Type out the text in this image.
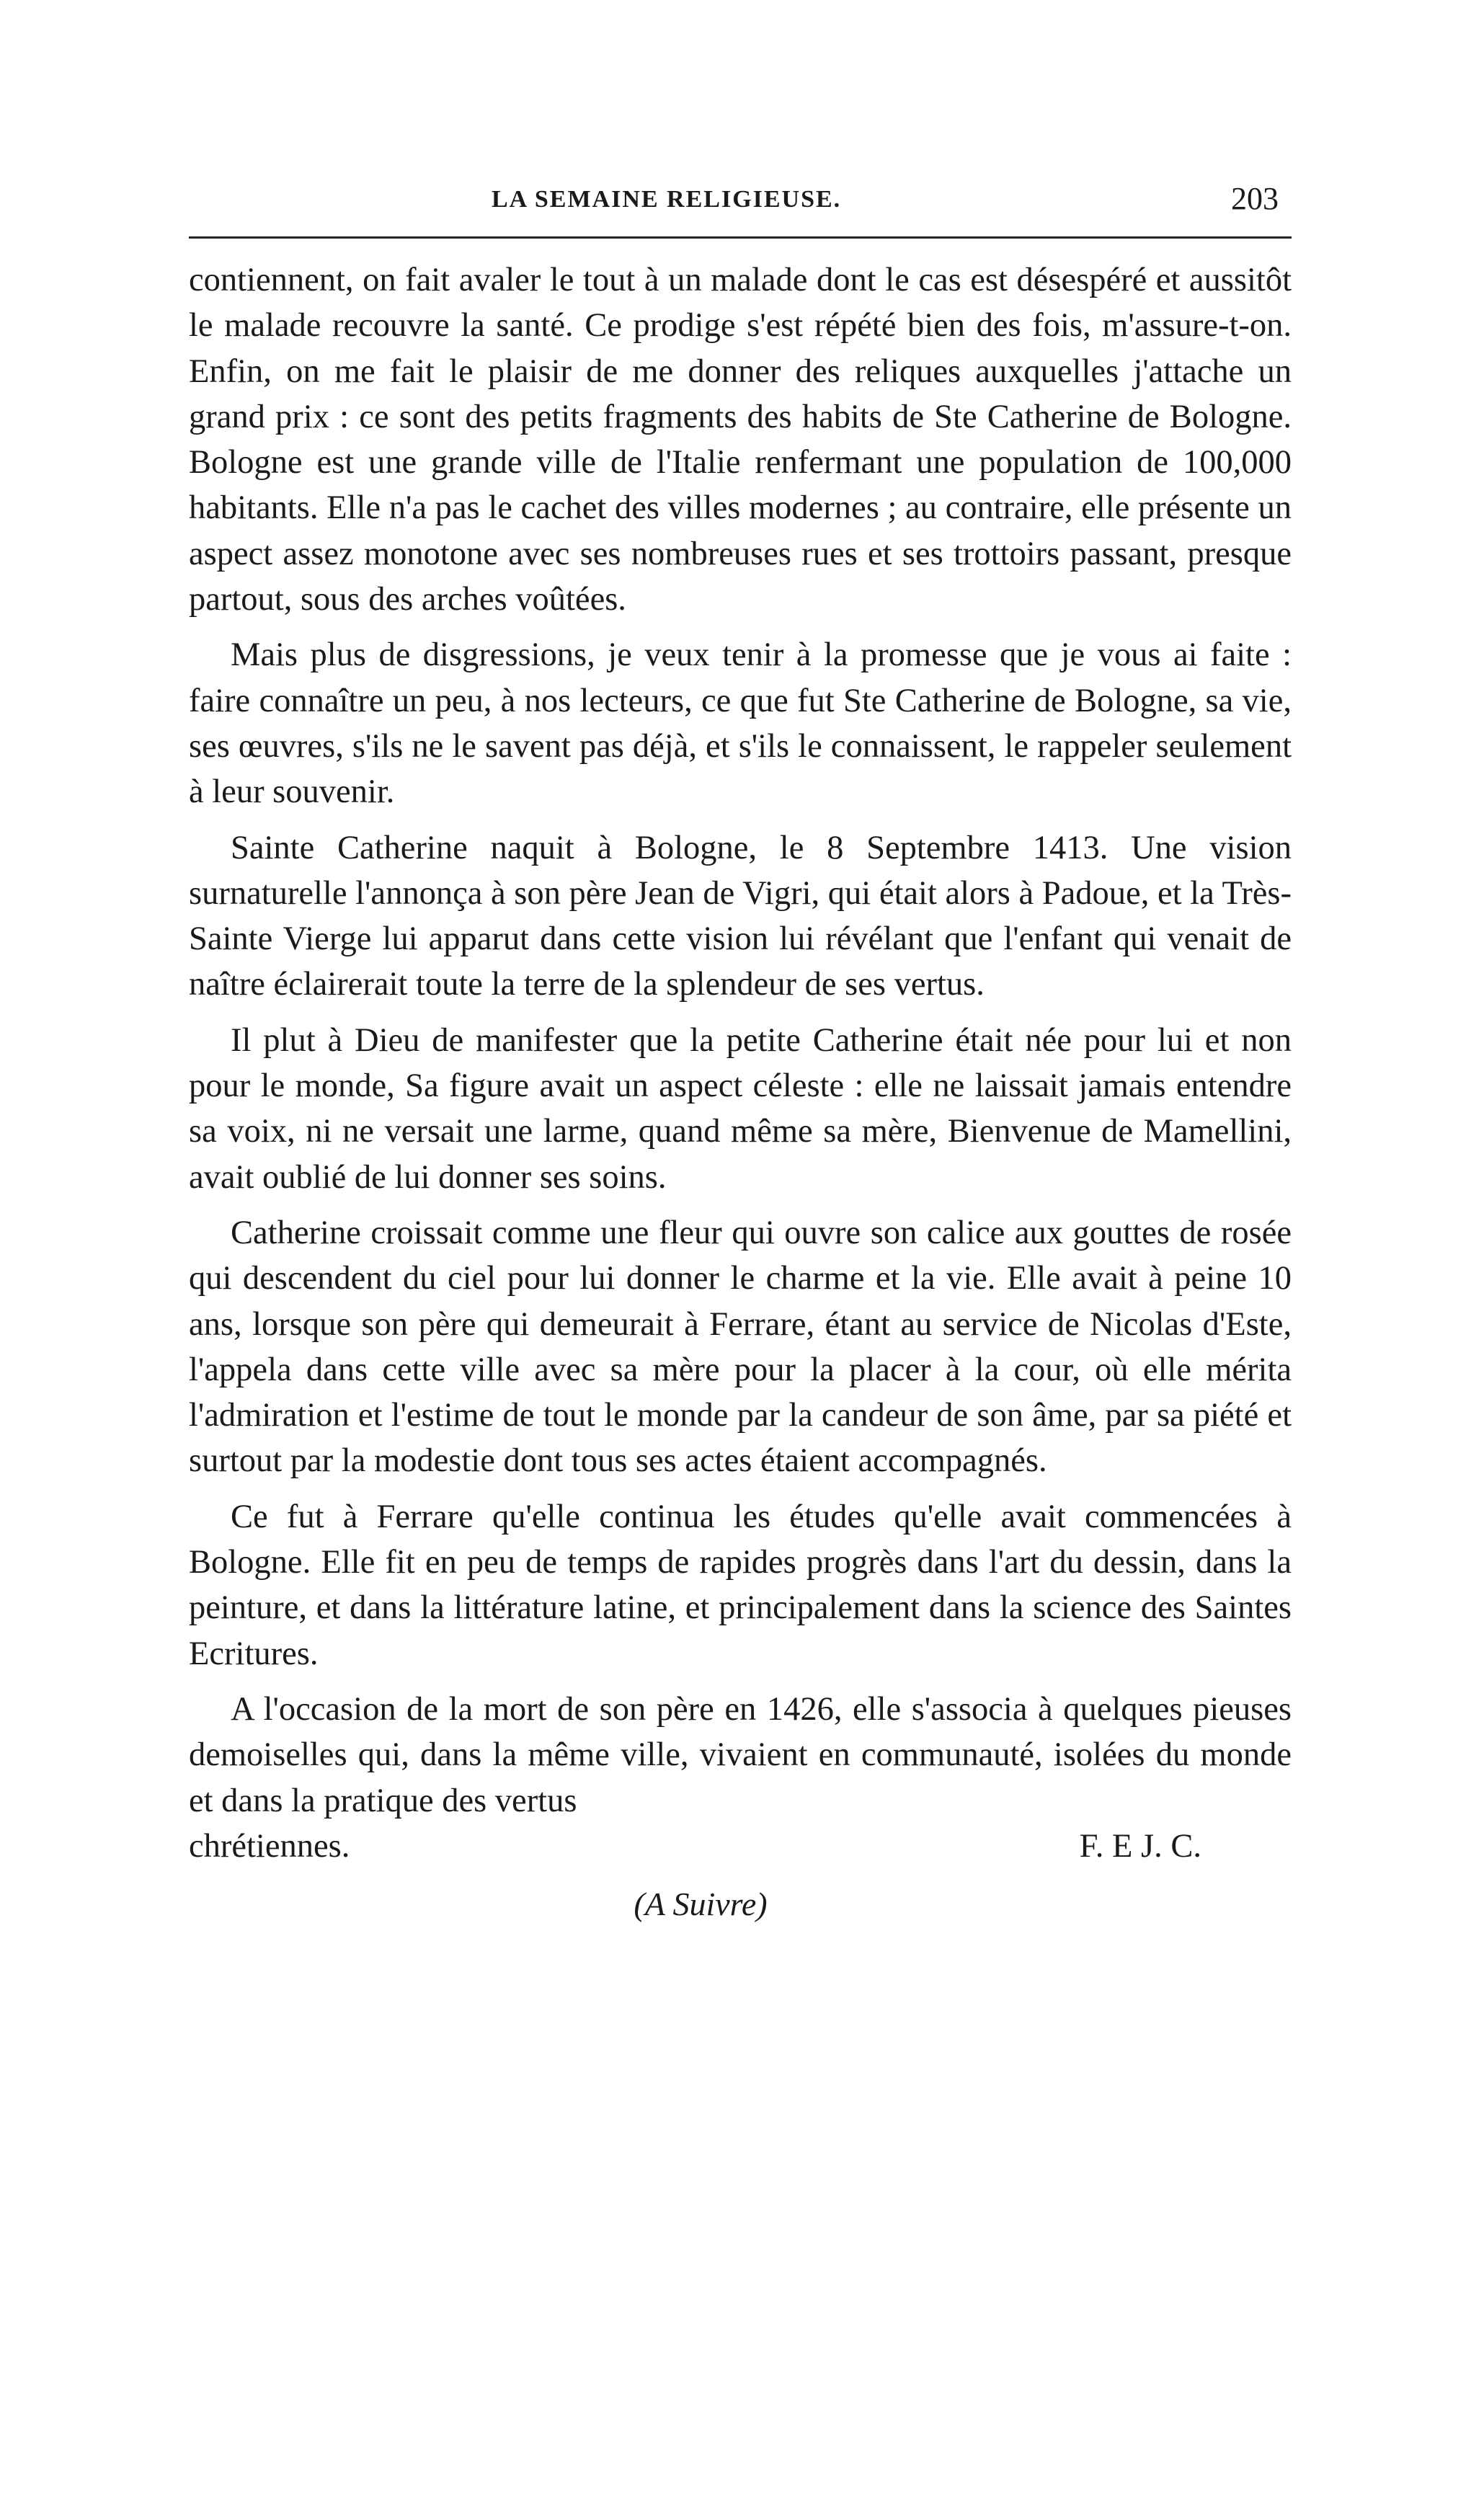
LA SEMAINE RELIGIEUSE.	203

contiennent, on fait avaler le tout à un malade dont le cas est désespéré et aussitôt le malade recouvre la santé. Ce prodige s'est répété bien des fois, m'assure-t-on. Enfin, on me fait le plaisir de me donner des reliques auxquelles j'attache un grand prix : ce sont des petits fragments des habits de Ste Catherine de Bologne. Bologne est une grande ville de l'Italie renfermant une population de 100,000 habitants. Elle n'a pas le cachet des villes modernes ; au contraire, elle présente un aspect assez monotone avec ses nombreuses rues et ses trottoirs passant, presque partout, sous des arches voûtées.

Mais plus de disgressions, je veux tenir à la promesse que je vous ai faite : faire connaître un peu, à nos lecteurs, ce que fut Ste Catherine de Bologne, sa vie, ses œuvres, s'ils ne le savent pas déjà, et s'ils le connaissent, le rappeler seulement à leur souvenir.

Sainte Catherine naquit à Bologne, le 8 Septembre 1413. Une vision surnaturelle l'annonça à son père Jean de Vigri, qui était alors à Padoue, et la Très-Sainte Vierge lui apparut dans cette vision lui révélant que l'enfant qui venait de naître éclairerait toute la terre de la splendeur de ses vertus.

Il plut à Dieu de manifester que la petite Catherine était née pour lui et non pour le monde, Sa figure avait un aspect céleste : elle ne laissait jamais entendre sa voix, ni ne versait une larme, quand même sa mère, Bienvenue de Mamellini, avait oublié de lui donner ses soins.

Catherine croissait comme une fleur qui ouvre son calice aux gouttes de rosée qui descendent du ciel pour lui donner le charme et la vie. Elle avait à peine 10 ans, lorsque son père qui demeurait à Ferrare, étant au service de Nicolas d'Este, l'appela dans cette ville avec sa mère pour la placer à la cour, où elle mérita l'admiration et l'estime de tout le monde par la candeur de son âme, par sa piété et surtout par la modestie dont tous ses actes étaient accompagnés.

Ce fut à Ferrare qu'elle continua les études qu'elle avait commencées à Bologne. Elle fit en peu de temps de rapides progrès dans l'art du dessin, dans la peinture, et dans la littérature latine, et principalement dans la science des Saintes Ecritures.

A l'occasion de la mort de son père en 1426, elle s'associa à quelques pieuses demoiselles qui, dans la même ville, vivaient en communauté, isolées du monde et dans la pratique des vertus

chrétiennes.	F. E J. C.
(A Suivre)
